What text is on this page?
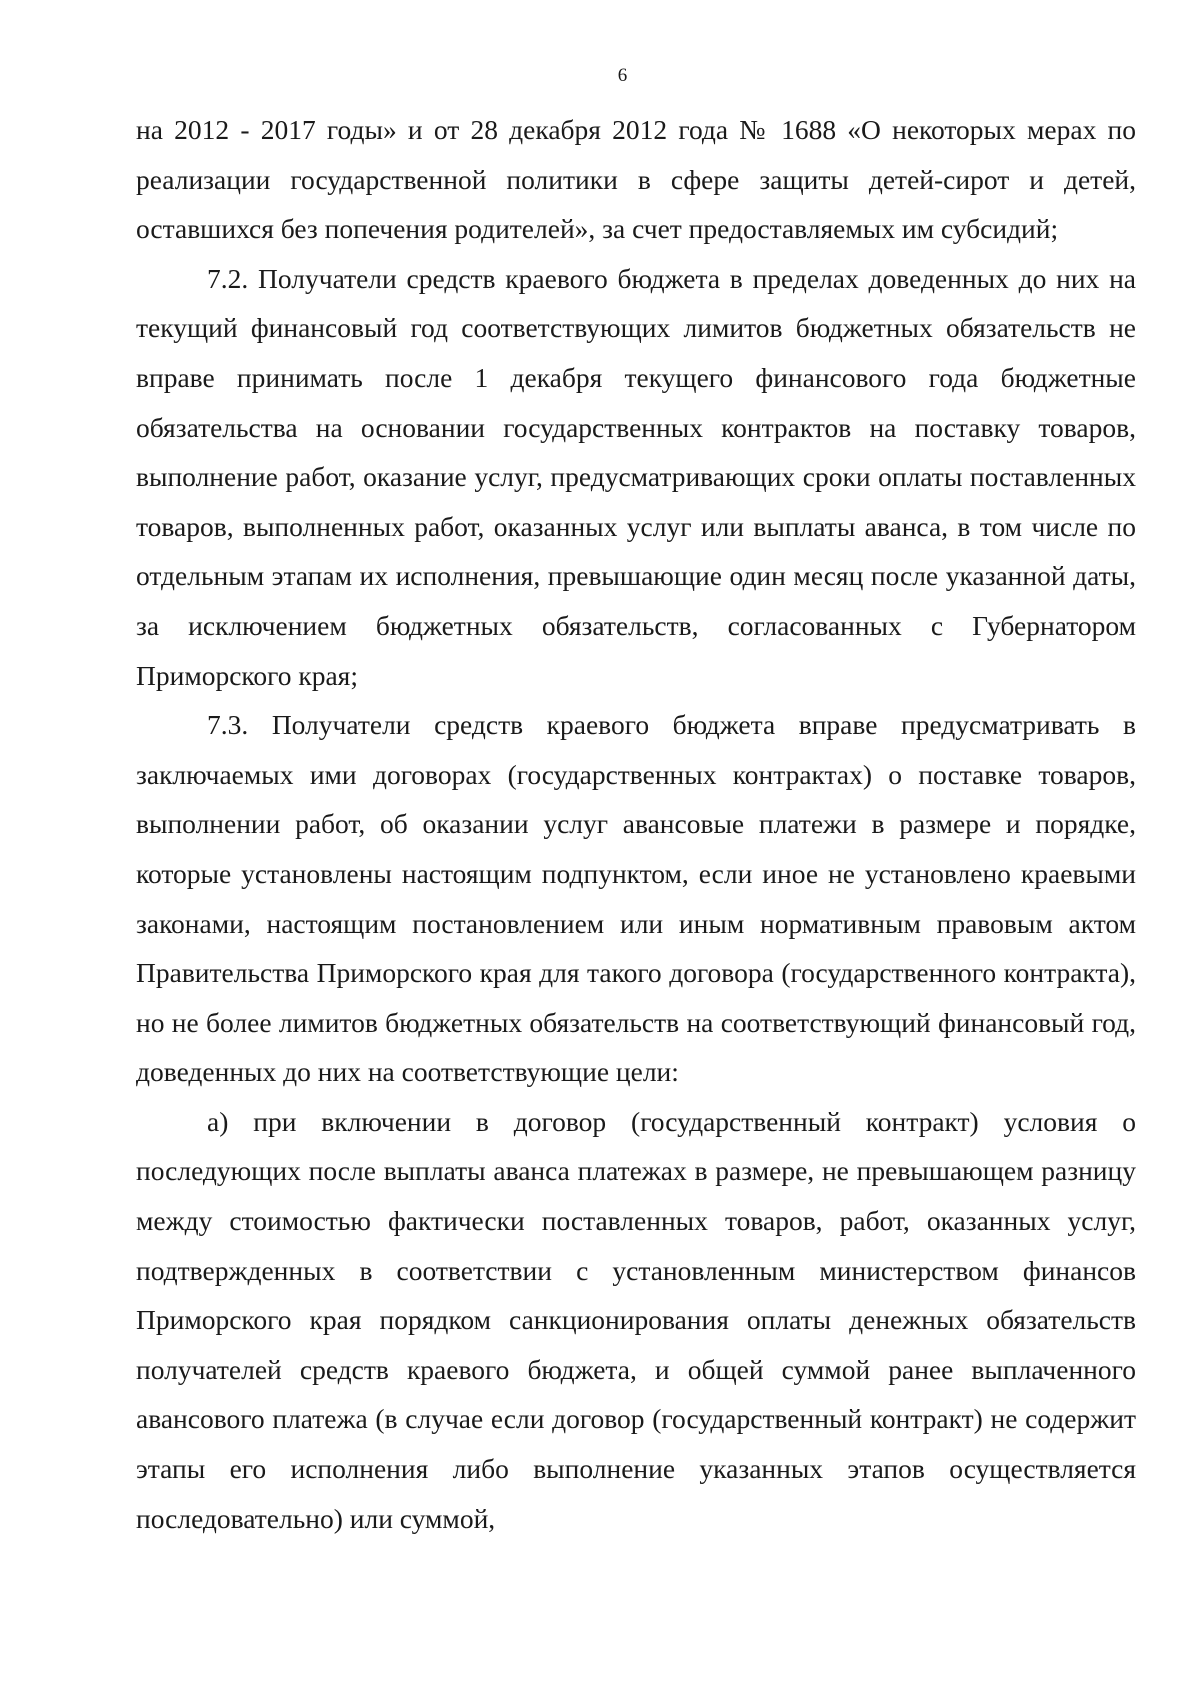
6

на 2012 - 2017 годы» и от 28 декабря 2012 года № 1688 «О некоторых мерах по реализации государственной политики в сфере защиты детей-сирот и детей, оставшихся без попечения родителей», за счет предоставляемых им субсидий;

7.2. Получатели средств краевого бюджета в пределах доведенных до них на текущий финансовый год соответствующих лимитов бюджетных обязательств не вправе принимать после 1 декабря текущего финансового года бюджетные обязательства на основании государственных контрактов на поставку товаров, выполнение работ, оказание услуг, предусматривающих сроки оплаты поставленных товаров, выполненных работ, оказанных услуг или выплаты аванса, в том числе по отдельным этапам их исполнения, превышающие один месяц после указанной даты, за исключением бюджетных обязательств, согласованных с Губернатором Приморского края;

7.3. Получатели средств краевого бюджета вправе предусматривать в заключаемых ими договорах (государственных контрактах) о поставке товаров, выполнении работ, об оказании услуг авансовые платежи в размере и порядке, которые установлены настоящим подпунктом, если иное не установлено краевыми законами, настоящим постановлением или иным нормативным правовым актом Правительства Приморского края для такого договора (государственного контракта), но не более лимитов бюджетных обязательств на соответствующий финансовый год, доведенных до них на соответствующие цели:

а) при включении в договор (государственный контракт) условия о последующих после выплаты аванса платежах в размере, не превышающем разницу между стоимостью фактически поставленных товаров, работ, оказанных услуг, подтвержденных в соответствии с установленным министерством финансов Приморского края порядком санкционирования оплаты денежных обязательств получателей средств краевого бюджета, и общей суммой ранее выплаченного авансового платежа (в случае если договор (государственный контракт) не содержит этапы его исполнения либо выполнение указанных этапов осуществляется последовательно) или суммой,
